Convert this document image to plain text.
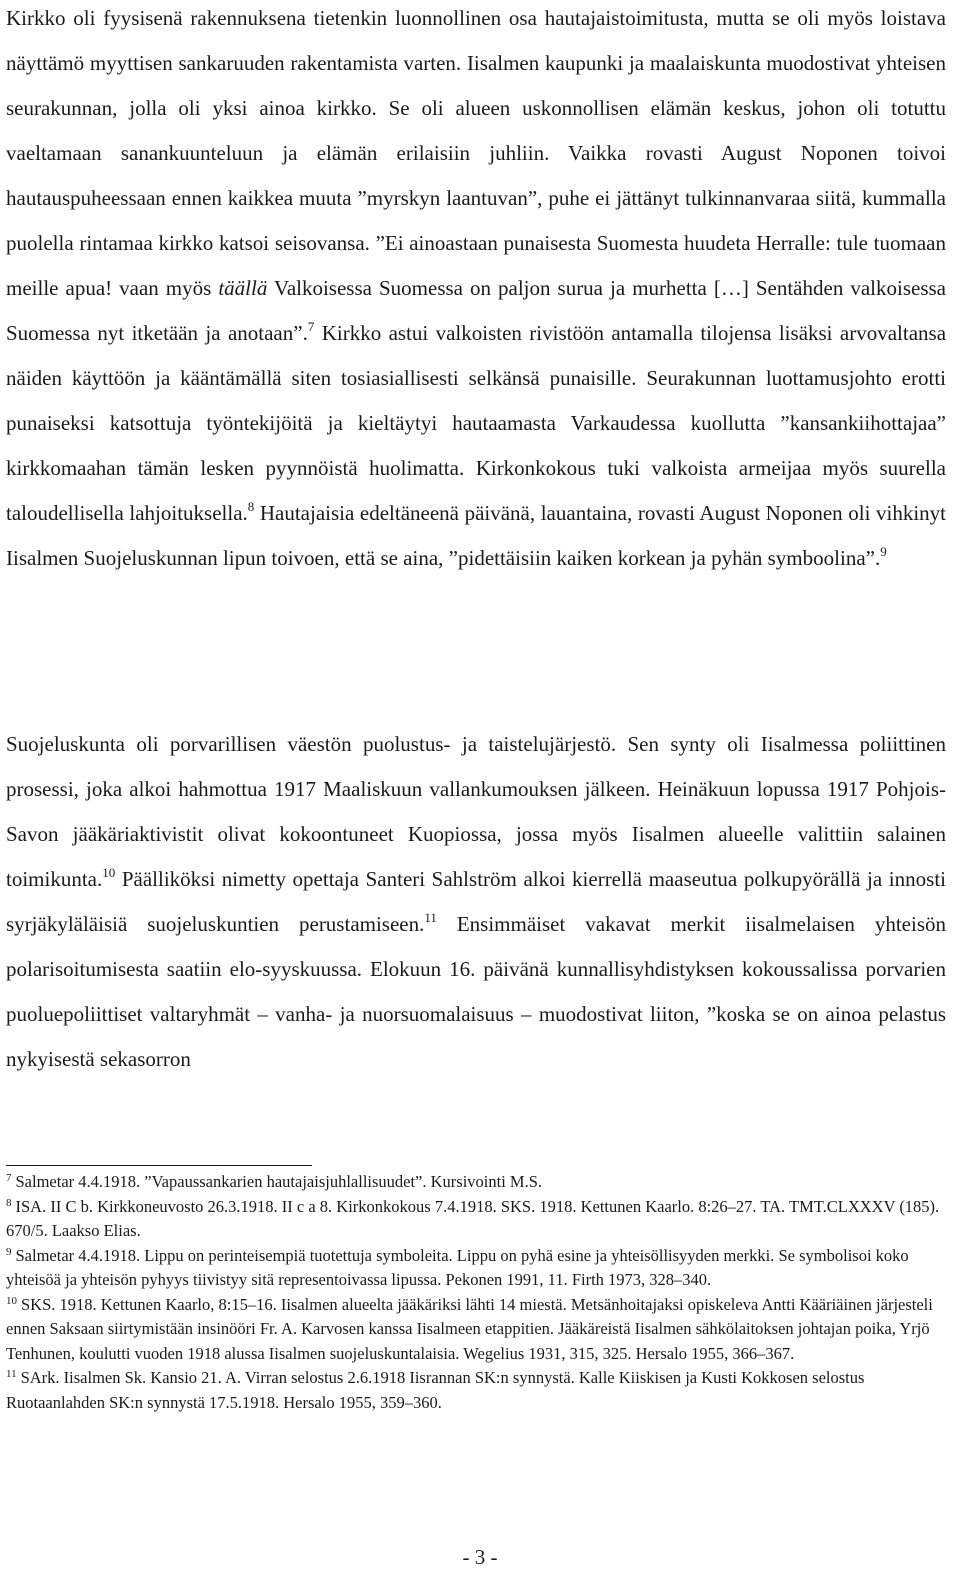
Kirkko oli fyysisenä rakennuksena tietenkin luonnollinen osa hautajaistoimitusta, mutta se oli myös loistava näyttämö myyttisen sankaruuden rakentamista varten. Iisalmen kaupunki ja maalaiskunta muodostivat yhteisen seurakunnan, jolla oli yksi ainoa kirkko. Se oli alueen uskonnollisen elämän keskus, johon oli totuttu vaeltamaan sanankuunteluun ja elämän erilaisiin juhliin. Vaikka rovasti August Noponen toivoi hautauspuheessaan ennen kaikkea muuta ”myrskyn laantuvan”, puhe ei jättänyt tulkinnanvaraa siitä, kummalla puolella rintamaa kirkko katsoi seisovansa. ”Ei ainoastaan punaisesta Suomesta huudeta Herralle: tule tuomaan meille apua! vaan myös täällä Valkoisessa Suomessa on paljon surua ja murhetta […] Sentähden valkoisessa Suomessa nyt itketään ja anotaan”.$^7$ Kirkko astui valkoisten rivistöön antamalla tilojensa lisäksi arvovaltansa näiden käyttöön ja kääntämällä siten tosiasiallisesti selkänsä punaisille. Seurakunnan luottamusjohto erotti punaiseksi katsottuja työntekijöitä ja kieltäytyi hautaamasta Varkaudessa kuollutta ”kansankiihottajaa” kirkkomaahan tämän lesken pyynnöistä huolimatta. Kirkonkokous tuki valkoista armeijaa myös suurella taloudellisella lahjoituksella.$^8$ Hautajaisia edeltäneenä päivänä, lauantaina, rovasti August Noponen oli vihkinyt Iisalmen Suojeluskunnan lipun toivoen, että se aina, ”pidettäisiin kaiken korkean ja pyhän symboolina”.$^9$

Suojeluskunta oli porvarillisen väestön puolustus- ja taistelujärjestö. Sen synty oli Iisalmessa poliittinen prosessi, joka alkoi hahmottua 1917 Maaliskuun vallankumouksen jälkeen. Heinäkuun lopussa 1917 Pohjois-Savon jääkäriaktivistit olivat kokoontuneet Kuopiossa, jossa myös Iisalmen alueelle valittiin salainen toimikunta.$^{10}$ Päälliköksi nimetty opettaja Santeri Sahlström alkoi kierrellä maaseutua polkupyörällä ja innosti syrjäkyläläisiä suojeluskuntien perustamiseen.$^{11}$ Ensimmäiset vakavat merkit iisalmelaisen yhteisön polarisoitumisesta saatiin elo-syyskuussa. Elokuun 16. päivänä kunnallisyhdistyksen kokoussalissa porvarien puoluepoliittiset valtaryhmät – vanha- ja nuorsuomalaisuus – muodostivat liiton, ”koska se on ainoa pelastus nykyisestä sekasorron

$^7$ Salmetar 4.4.1918. ”Vapaussankarien hautajaisjuhlallisuudet”. Kursivointi M.S.

$^8$ ISA. II C b. Kirkkoneuvosto 26.3.1918. II c a 8. Kirkonkokous 7.4.1918. SKS. 1918. Kettunen Kaarlo. 8:26–27. TA. TMT.CLXXXV (185). 670/5. Laakso Elias.

$^9$ Salmetar 4.4.1918. Lippu on perinteisempiä tuotettuja symboleita. Lippu on pyhä esine ja yhteisöllisyyden merkki. Se symbolisoi koko yhteisöä ja yhteisön pyhyys tiivistyy sitä representoivassa lipussa. Pekonen 1991, 11. Firth 1973, 328–340.

$^{10}$ SKS. 1918. Kettunen Kaarlo, 8:15–16. Iisalmen alueelta jääkäriksi lähti 14 miestä. Metsänhoitajaksi opiskeleva Antti Kääriäinen järjesteli ennen Saksaan siirtymistään insinööri Fr. A. Karvosen kanssa Iisalmeen etappitien. Jääkäreistä Iisalmen sähkölaitoksen johtajan poika, Yrjö Tenhunen, koulutti vuoden 1918 alussa Iisalmen suojeluskuntalaisia. Wegelius 1931, 315, 325. Hersalo 1955, 366–367.

$^{11}$ SArk. Iisalmen Sk. Kansio 21. A. Virran selostus 2.6.1918 Iisrannan SK:n synnystä. Kalle Kiiskisen ja Kusti Kokkosen selostus Ruotaanlahden SK:n synnystä 17.5.1918. Hersalo 1955, 359–360.

- 3 -
